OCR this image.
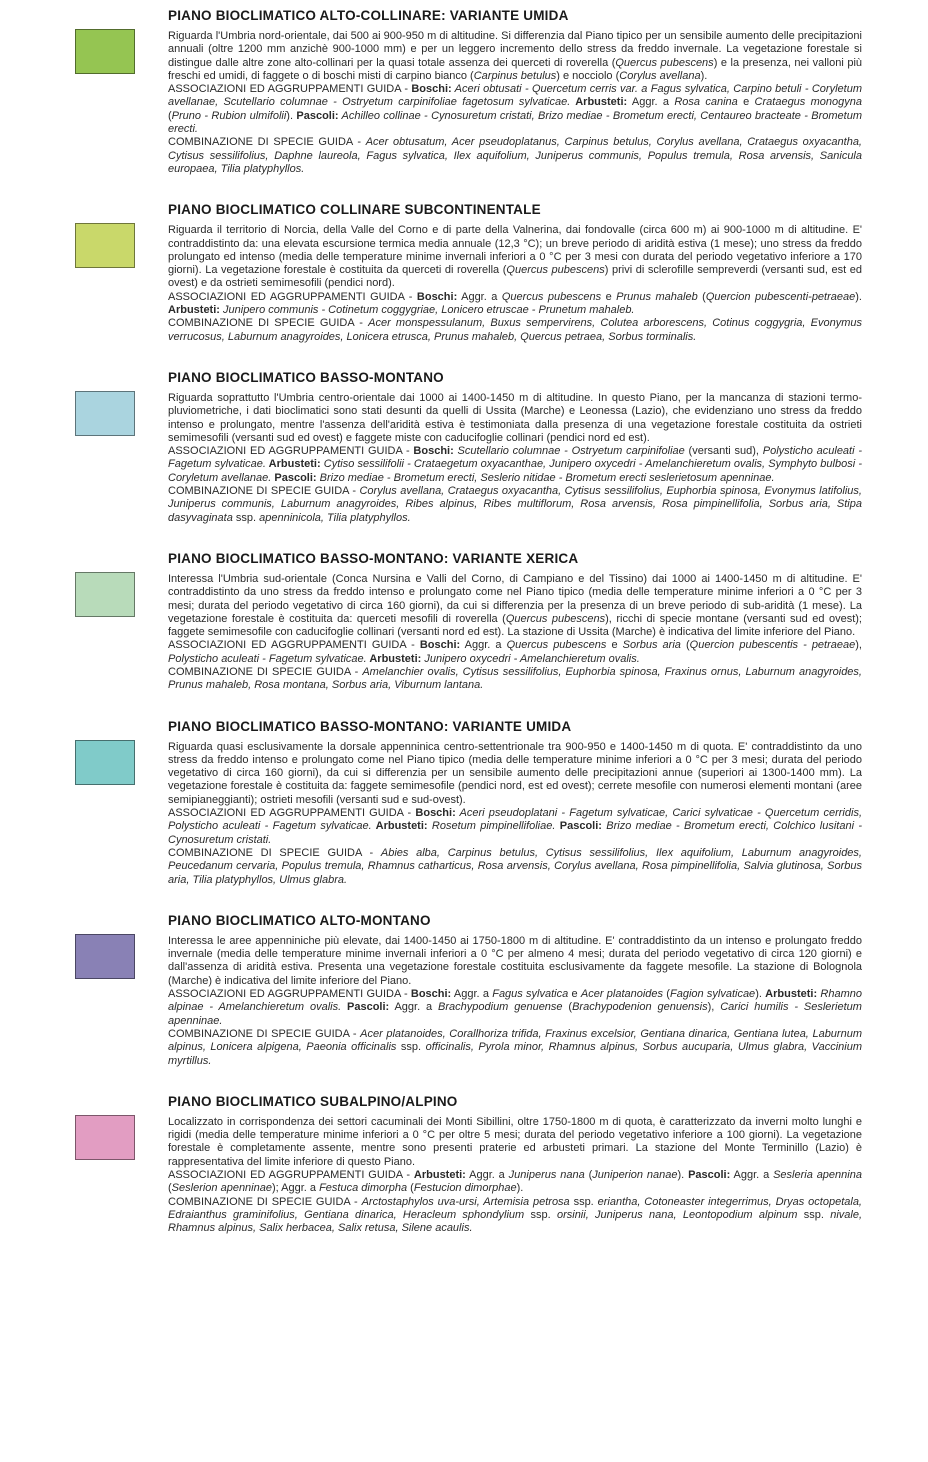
PIANO BIOCLIMATICO ALTO-COLLINARE: VARIANTE UMIDA

Riguarda l'Umbria nord-orientale, dai 500 ai 900-950 m di altitudine. Si differenzia dal Piano tipico per un sensibile aumento delle precipitazioni annuali (oltre 1200 mm anzichè 900-1000 mm) e per un leggero incremento dello stress da freddo invernale. La vegetazione forestale si distingue dalle altre zone alto-collinari per la quasi totale assenza dei querceti di roverella (Quercus pubescens) e la presenza, nei valloni più freschi ed umidi, di faggete o di boschi misti di carpino bianco (Carpinus betulus) e nocciolo (Corylus avellana).

ASSOCIAZIONI ED AGGRUPPAMENTI GUIDA - Boschi: Aceri obtusati - Quercetum cerris var. a Fagus sylvatica, Carpino betuli - Coryletum avellanae, Scutellario columnae - Ostryetum carpinifoliae fagetosum sylvaticae. Arbusteti: Aggr. a Rosa canina e Crataegus monogyna (Pruno - Rubion ulmifolii). Pascoli: Achilleo collinae - Cynosuretum cristati, Brizo mediae - Brometum erecti, Centaureo bracteate - Brometum erecti.

COMBINAZIONE DI SPECIE GUIDA - Acer obtusatum, Acer pseudoplatanus, Carpinus betulus, Corylus avellana, Crataegus oxyacantha, Cytisus sessilifolius, Daphne laureola, Fagus sylvatica, Ilex aquifolium, Juniperus communis, Populus tremula, Rosa arvensis, Sanicula europaea, Tilia platyphyllos.

PIANO BIOCLIMATICO COLLINARE SUBCONTINENTALE

Riguarda il territorio di Norcia, della Valle del Corno e di parte della Valnerina, dai fondovalle (circa 600 m) ai 900-1000 m di altitudine. E' contraddistinto da: una elevata escursione termica media annuale (12,3 °C); un breve periodo di aridità estiva (1 mese); uno stress da freddo prolungato ed intenso (media delle temperature minime invernali inferiori a 0 °C per 3 mesi con durata del periodo vegetativo inferiore a 170 giorni). La vegetazione forestale è costituita da querceti di roverella (Quercus pubescens) privi di sclerofille sempreverdi (versanti sud, est ed ovest) e da ostrieti semimesofili (pendici nord).

ASSOCIAZIONI ED AGGRUPPAMENTI GUIDA - Boschi: Aggr. a Quercus pubescens e Prunus mahaleb (Quercion pubescenti-petraeae). Arbusteti: Junipero communis - Cotinetum coggygriae, Lonicero etruscae - Prunetum mahaleb.

COMBINAZIONE DI SPECIE GUIDA - Acer monspessulanum, Buxus sempervirens, Colutea arborescens, Cotinus coggygria, Evonymus verrucosus, Laburnum anagyroides, Lonicera etrusca, Prunus mahaleb, Quercus petraea, Sorbus torminalis.

PIANO BIOCLIMATICO BASSO-MONTANO

Riguarda soprattutto l'Umbria centro-orientale dai 1000 ai 1400-1450 m di altitudine. In questo Piano, per la mancanza di stazioni termo-pluviometriche, i dati bioclimatici sono stati desunti da quelli di Ussita (Marche) e Leonessa (Lazio), che evidenziano uno stress da freddo intenso e prolungato, mentre l'assenza dell'aridità estiva è testimoniata dalla presenza di una vegetazione forestale costituita da ostrieti semimesofili (versanti sud ed ovest) e faggete miste con caducifoglie collinari (pendici nord ed est).

ASSOCIAZIONI ED AGGRUPPAMENTI GUIDA - Boschi: Scutellario columnae - Ostryetum carpinifoliae (versanti sud), Polysticho aculeati - Fagetum sylvaticae. Arbusteti: Cytiso sessilifolii - Crataegetum oxyacanthae, Junipero oxycedri - Amelanchieretum ovalis, Symphyto bulbosi - Coryletum avellanae. Pascoli: Brizo mediae - Brometum erecti, Seslerio nitidae - Brometum erecti seslerietosum apenninae.

COMBINAZIONE DI SPECIE GUIDA - Corylus avellana, Crataegus oxyacantha, Cytisus sessilifolius, Euphorbia spinosa, Evonymus latifolius, Juniperus communis, Laburnum anagyroides, Ribes alpinus, Ribes multiflorum, Rosa arvensis, Rosa pimpinellifolia, Sorbus aria, Stipa dasyvaginata ssp. apenninicola, Tilia platyphyllos.

PIANO BIOCLIMATICO BASSO-MONTANO: VARIANTE XERICA

Interessa l'Umbria sud-orientale (Conca Nursina e Valli del Corno, di Campiano e del Tissino) dai 1000 ai 1400-1450 m di altitudine. E' contraddistinto da uno stress da freddo intenso e prolungato come nel Piano tipico (media delle temperature minime inferiori a 0 °C per 3 mesi; durata del periodo vegetativo di circa 160 giorni), da cui si differenzia per la presenza di un breve periodo di sub-aridità (1 mese). La vegetazione forestale è costituita da: querceti mesofili di roverella (Quercus pubescens), ricchi di specie montane (versanti sud ed ovest); faggete semimesofile con caducifoglie collinari (versanti nord ed est). La stazione di Ussita (Marche) è indicativa del limite inferiore del Piano.

ASSOCIAZIONI ED AGGRUPPAMENTI GUIDA - Boschi: Aggr. a Quercus pubescens e Sorbus aria (Quercion pubescentis - petraeae), Polysticho aculeati - Fagetum sylvaticae. Arbusteti: Junipero oxycedri - Amelanchieretum ovalis.

COMBINAZIONE DI SPECIE GUIDA - Amelanchier ovalis, Cytisus sessilifolius, Euphorbia spinosa, Fraxinus ornus, Laburnum anagyroides, Prunus mahaleb, Rosa montana, Sorbus aria, Viburnum lantana.

PIANO BIOCLIMATICO BASSO-MONTANO: VARIANTE UMIDA

Riguarda quasi esclusivamente la dorsale appenninica centro-settentrionale tra 900-950 e 1400-1450 m di quota. E' contraddistinto da uno stress da freddo intenso e prolungato come nel Piano tipico (media delle temperature minime inferiori a 0 °C per 3 mesi; durata del periodo vegetativo di circa 160 giorni), da cui si differenzia per un sensibile aumento delle precipitazioni annue (superiori ai 1300-1400 mm). La vegetazione forestale è costituita da: faggete semimesofile (pendici nord, est ed ovest); cerrete mesofile con numerosi elementi montani (aree semipianeggianti); ostrieti mesofili (versanti sud e sud-ovest).

ASSOCIAZIONI ED AGGRUPPAMENTI GUIDA - Boschi: Aceri pseudoplatani - Fagetum sylvaticae, Carici sylvaticae - Quercetum cerridis, Polysticho aculeati - Fagetum sylvaticae. Arbusteti: Rosetum pimpinellifoliae. Pascoli: Brizo mediae - Brometum erecti, Colchico lusitani - Cynosuretum cristati.

COMBINAZIONE DI SPECIE GUIDA - Abies alba, Carpinus betulus, Cytisus sessilifolius, Ilex aquifolium, Laburnum anagyroides, Peucedanum cervaria, Populus tremula, Rhamnus catharticus, Rosa arvensis, Corylus avellana, Rosa pimpinellifolia, Salvia glutinosa, Sorbus aria, Tilia platyphyllos, Ulmus glabra.

PIANO BIOCLIMATICO ALTO-MONTANO

Interessa le aree appenniniche più elevate, dai 1400-1450 ai 1750-1800 m di altitudine. E' contraddistinto da un intenso e prolungato freddo invernale (media delle temperature minime invernali inferiori a 0 °C per almeno 4 mesi; durata del periodo vegetativo di circa 120 giorni) e dall'assenza di aridità estiva. Presenta una vegetazione forestale costituita esclusivamente da faggete mesofile. La stazione di Bolognola (Marche) è indicativa del limite inferiore del Piano.

ASSOCIAZIONI ED AGGRUPPAMENTI GUIDA - Boschi: Aggr. a Fagus sylvatica e Acer platanoides (Fagion sylvaticae). Arbusteti: Rhamno alpinae - Amelanchieretum ovalis. Pascoli: Aggr. a Brachypodium genuense (Brachypodenion genuensis), Carici humilis - Seslerietum apenninae.

COMBINAZIONE DI SPECIE GUIDA - Acer platanoides, Corallhoriza trifida, Fraxinus excelsior, Gentiana dinarica, Gentiana lutea, Laburnum alpinus, Lonicera alpigena, Paeonia officinalis ssp. officinalis, Pyrola minor, Rhamnus alpinus, Sorbus aucuparia, Ulmus glabra, Vaccinium myrtillus.

PIANO BIOCLIMATICO SUBALPINO/ALPINO

Localizzato in corrispondenza dei settori cacuminali dei Monti Sibillini, oltre 1750-1800 m di quota, è caratterizzato da inverni molto lunghi e rigidi (media delle temperature minime inferiori a 0 °C per oltre 5 mesi; durata del periodo vegetativo inferiore a 100 giorni). La vegetazione forestale è completamente assente, mentre sono presenti praterie ed arbusteti primari. La stazione del Monte Terminillo (Lazio) è rappresentativa del limite inferiore di questo Piano.

ASSOCIAZIONI ED AGGRUPPAMENTI GUIDA - Arbusteti: Aggr. a Juniperus nana (Juniperion nanae). Pascoli: Aggr. a Sesleria apennina (Seslerion apenninae); Aggr. a Festuca dimorpha (Festucion dimorphae).

COMBINAZIONE DI SPECIE GUIDA - Arctostaphylos uva-ursi, Artemisia petrosa ssp. eriantha, Cotoneaster integerrimus, Dryas octopetala, Edraianthus graminifolius, Gentiana dinarica, Heracleum sphondylium ssp. orsinii, Juniperus nana, Leontopodium alpinum ssp. nivale, Rhamnus alpinus, Salix herbacea, Salix retusa, Silene acaulis.
